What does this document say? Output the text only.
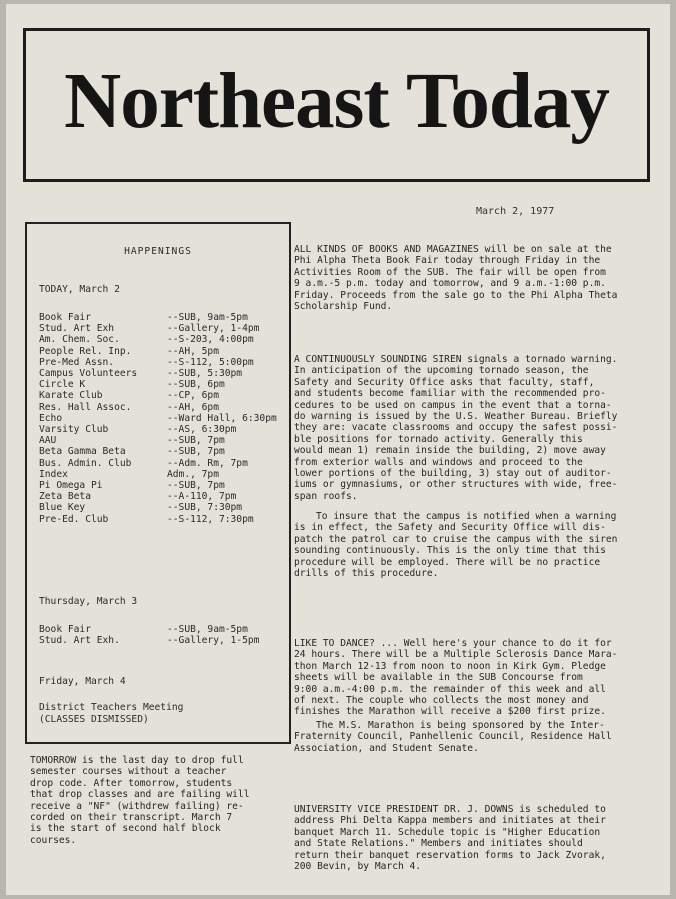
Northeast Today
March 2, 1977
HAPPENINGS
TODAY, March 2
Book Fair	--SUB, 9am-5pm
Stud. Art Exh	--Gallery, 1-4pm
Am. Chem. Soc.	--S-203, 4:00pm
People Rel. Inp.	--AH, 5pm
Pre-Med Assn.	--S-112, 5:00pm
Campus Volunteers	--SUB, 5:30pm
Circle K	--SUB, 6pm
Karate Club	--CP, 6pm
Res. Hall Assoc.	--AH, 6pm
Echo	--Ward Hall, 6:30pm
Varsity Club	--AS, 6:30pm
AAU	--SUB, 7pm
Beta Gamma Beta	--SUB, 7pm
Bus. Admin. Club	--Adm. Rm, 7pm
Index	Adm., 7pm
Pi Omega Pi	--SUB, 7pm
Zeta Beta	--A-110, 7pm
Blue Key	--SUB, 7:30pm
Pre-Ed. Club	--S-112, 7:30pm
Thursday, March 3
Book Fair	--SUB, 9am-5pm
Stud. Art Exh.	--Gallery, 1-5pm
Friday, March 4
District Teachers Meeting
(CLASSES DISMISSED)
TOMORROW is the last day to drop full
semester courses without a teacher
drop code. After tomorrow, students
that drop classes and are failing will
receive a "NF" (withdrew failing) re-
corded on their transcript. March 7
is the start of second half block
courses.
ALL KINDS OF BOOKS AND MAGAZINES will be on sale at the
Phi Alpha Theta Book Fair today through Friday in the
Activities Room of the SUB. The fair will be open from
9 a.m.-5 p.m. today and tomorrow, and 9 a.m.-1:00 p.m.
Friday. Proceeds from the sale go to the Phi Alpha Theta
Scholarship Fund.
A CONTINUOUSLY SOUNDING SIREN signals a tornado warning.
In anticipation of the upcoming tornado season, the
Safety and Security Office asks that faculty, staff,
and students become familiar with the recommended pro-
cedures to be used on campus in the event that a torna-
do warning is issued by the U.S. Weather Bureau. Briefly
they are: vacate classrooms and occupy the safest possi-
ble positions for tornado activity. Generally this
would mean 1) remain inside the building, 2) move away
from exterior walls and windows and proceed to the
lower portions of the building, 3) stay out of auditor-
iums or gymnasiums, or other structures with wide, free-
span roofs.
To insure that the campus is notified when a warning
is in effect, the Safety and Security Office will dis-
patch the patrol car to cruise the campus with the siren
sounding continuously. This is the only time that this
procedure will be employed. There will be no practice
drills of this procedure.
LIKE TO DANCE? ... Well here's your chance to do it for
24 hours. There will be a Multiple Sclerosis Dance Mara-
thon March 12-13 from noon to noon in Kirk Gym. Pledge
sheets will be available in the SUB Concourse from
9:00 a.m.-4:00 p.m. the remainder of this week and all
of next. The couple who collects the most money and
finishes the Marathon will receive a $200 first prize.
The M.S. Marathon is being sponsored by the Inter-
Fraternity Council, Panhellenic Council, Residence Hall
Association, and Student Senate.
UNIVERSITY VICE PRESIDENT DR. J. DOWNS is scheduled to
address Phi Delta Kappa members and initiates at their
banquet March 11. Schedule topic is "Higher Education
and State Relations." Members and initiates should
return their banquet reservation forms to Jack Zvorak,
200 Bevin, by March 4.
